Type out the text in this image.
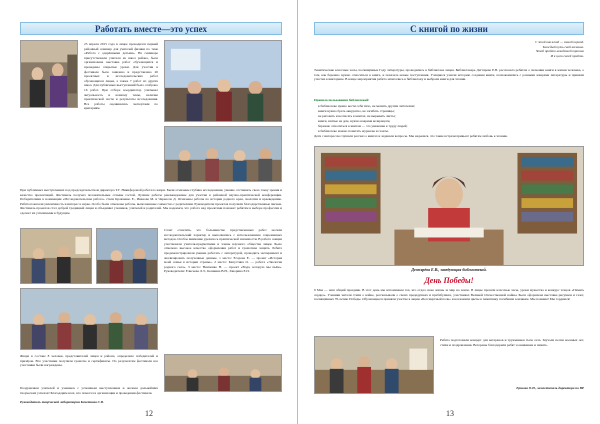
Работать вместе—это успех
25 апреля 2015 года в лицее проводился первый районный семинар для учителей физики по теме «Работа с одарёнными детьми». На семинаре присутствовали учителя из школ района, была организована выставка работ обучающихся и проведены открытые уроки. Для участия в фестивале было заявлено и представлено 20 проектных и исследовательских работ обучающихся лицея, а также 7 работ из других школ. Для публичных выступлений было отобрано 16 работ. При отборе координатор учитывал актуальность и новизну темы, наличие практической части и результаты исследования. Все работы оценивались экспертами по критериям.
При публичных выступлениях под председательством директора Т.Г. Никифоровой работало жюри. Были отмечены глубина исследования, умение отстаивать свою точку зрения и качество презентаций. Фестиваль получил положительные отзывы гостей. Лучшие работы рекомендованы для участия в районной научно-практической конференции. Победителями в номинации «Исследовательская работа» стали Кравченко Е., Иванова М. и Черкасов Д. Отмечены работы по истории родного края, экологии и краеведению. Ребята показали увлечённость и интерес к науке. Особо были отмечены работы, выполненные совместно с родителями. Руководители проектов получили благодарственные письма. Фестиваль проектов стал доброй традицией лицея и объединил учеников, учителей и родителей. Мы надеемся, что работа над проектами поможет ребятам в выборе профессии и сделает их успешными в будущем.
Стоит отметить, что большинство представленных работ носили исследовательский характер и выполнялись с использованием современных методов. Особое внимание уделялось практической значимости. В работе секции участвовали учителя-предметники и члены научного общества лицея. Было отмечено высокое качество оформления работ и грамотная защита. Ребята продемонстрировали умение работать с литературой, проводить эксперимент и анализировать полученные данные. 1 место: Егорова Е. — проект «История моей семьи в истории страны». 2 место: Капустина О. — работа «Экология родного села». 3 место: Немченко Н. — проект «Вода, которую мы пьём». Руководители: Елисеева Л.Т., Кошкина В.Н., Заворина Е.П.
Жюри в составе 8 человек, представителей лицея и района, определило победителей и призёров. Все участники получили грамоты и сертификаты. По результатам фестиваля все участники были награждены.
Поздравляем учителей и учеников с успешным выступлением и желаем дальнейших творческих успехов! Благодарим всех, кто помогал в организации и проведении фестиваля.
Руководитель творческой лаборатории Кочеткова С.В.
12
С книгой по жизни
С этой книжкой — самой первой.
Каждый путь свой начинал.
Чтоб пройти неведомой тропою
И к цели своей прийти.
Тематические классные часы, посвящённые Году литературы, проводились в библиотеке лицея. Библиотекарь Дегтярева Е.В. рассказала ребятам о значении книги в жизни человека, о том, как бережно нужно относиться к книге, и показала новые поступления. Учащиеся узнали историю создания книги, познакомились с разными жанрами литературы и приняли участие в викторине. В конце мероприятия ребята записались в библиотеку и выбрали книги для чтения.
Правила пользования библиотекой:
в библиотеке нужно вести себя тихо, не мешать другим читателям;
книги нужно брать аккуратно, не загибать страницы;
не рисовать и не писать в книгах, не вырывать листы;
книги, взятые на дом, нужно вовремя возвращать;
бережно относиться к книгам — это уважение к труду людей;
в библиотеке можно почитать журналы и газеты.
Дети с интересом слушали рассказ о книгах и задавали вопросы. Мы надеемся, что такие встречи привьют ребятам любовь к чтению.
Дегтярёва Е.В., заведующая библиотекой.
День Победы!
9 Мая — наш общий праздник. В этот день мы вспоминаем тех, кто отдал свою жизнь за мир на земле. В лицее прошли классные часы, уроки мужества и конкурс чтецов «Память сердца». Ученики читали стихи о войне, рассказывали о своих прадедушках и прабабушках, участниках Великой Отечественной войны. Была оформлена выставка рисунков и газет, посвящённых 70-летию Победы. Обучающиеся приняли участие в акции «Бессмертный полк» и возложили цветы к памятнику погибшим землякам. Мы помним! Мы гордимся!
Ребята подготовили концерт для ветеранов и тружеников тыла села. Звучали песни военных лет, стихи и поздравления. Ветераны благодарили ребят за внимание и память.
Ершова О.Н., заместитель директора по ВР
13
